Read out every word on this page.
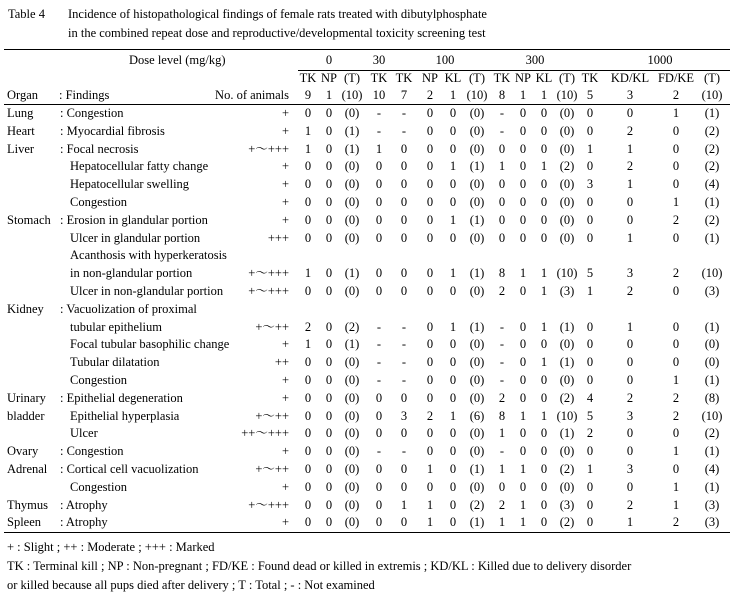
Table 4 Incidence of histopathological findings of female rats treated with dibutylphosphate
in the combined repeat dose and reproductive/developmental toxicity screening test
Dose level (mg/kg)	0	30	100	300	1000
TK NP (T) TK TK NP KL (T) TK NP KL (T) TK	KD/KL FD/KE (T)
Organ : Findings	No. of animals	9	1 (10) 10	7	2	1 (10) 8	1	1 (10) 5	3	2	(10)
Lung : Congestion	+	0	0	(0)	-	-	0	0	(0)	-	0	0	(0)	0	0	1	(1)
Heart : Myocardial fibrosis	+	1	0	(1)	-	-	0	0	(0)	-	0	0	(0)	0	2	0	(2)
Liver : Focal necrosis	+〜+++	1	0	(1)	1	0	0	0	(0)	0	0	0	(0)	1	1	0	(2)
Hepatocellular fatty change	+	0	0	(0)	0	0	0	1	(1)	1	0	1	(2)	0	2	0	(2)
Hepatocellular swelling	+	0	0	(0)	0	0	0	0	(0)	0	0	0	(0)	3	1	0	(4)
Congestion	+	0	0	(0)	0	0	0	0	(0)	0	0	0	(0)	0	0	1	(1)
Stomach : Erosion in glandular portion	+	0	0	(0)	0	0	0	1	(1)	0	0	0	(0)	0	0	2	(2)
Ulcer in glandular portion	+++	0	0	(0)	0	0	0	0	(0)	0	0	0	(0)	0	1	0	(1)
Acanthosis with hyperkeratosis
in non-glandular portion	+〜+++	1	0	(1)	0	0	0	1	(1)	8	1	1 (10) 5	3	2	(10)
Ulcer in non-glandular portion	+〜+++	0	0	(0)	0	0	0	0	(0)	2	0	1	(3)	1	2	0	(3)
Kidney : Vacuolization of proximal
tubular epithelium	+〜++	2	0	(2)	-	-	0	1	(1)	-	0	1	(1)	0	1	0	(1)
Focal tubular basophilic change	+	1	0	(1)	-	-	0	0	(0)	-	0	0	(0)	0	0	0	(0)
Tubular dilatation	++	0	0	(0)	-	-	0	0	(0)	-	0	1	(1)	0	0	0	(0)
Congestion	+	0	0	(0)	-	-	0	0	(0)	-	0	0	(0)	0	0	1	(1)
Urinary : Epithelial degeneration	+	0	0	(0)	0	0	0	0	(0)	2	0	0	(2)	4	2	2	(8)
bladder Epithelial hyperplasia	+〜++	0	0	(0)	0	3	2	1	(6)	8	1	1 (10) 5	3	2	(10)
Ulcer	++〜+++	0	0	(0)	0	0	0	0	(0)	1	0	0	(1)	2	0	0	(2)
Ovary : Congestion	+	0	0	(0)	-	-	0	0	(0)	-	0	0	(0)	0	0	1	(1)
Adrenal : Cortical cell vacuolization	+〜++	0	0	(0)	0	0	1	0	(1)	1	1	0	(2)	1	3	0	(4)
Congestion	+	0	0	(0)	0	0	0	0	(0)	0	0	0	(0)	0	0	1	(1)
Thymus : Atrophy	+〜+++	0	0	(0)	0	1	1	0	(2)	2	1	0	(3)	0	2	1	(3)
Spleen : Atrophy	+	0	0	(0)	0	0	1	0	(1)	1	1	0	(2)	0	1	2	(3)
+ : Slight ; ++ : Moderate ; +++ : Marked
TK : Terminal kill ; NP : Non-pregnant ; FD/KE : Found dead or killed in extremis ; KD/KL : Killed due to delivery disorder
or killed because all pups died after delivery ; T : Total ; - : Not examined
